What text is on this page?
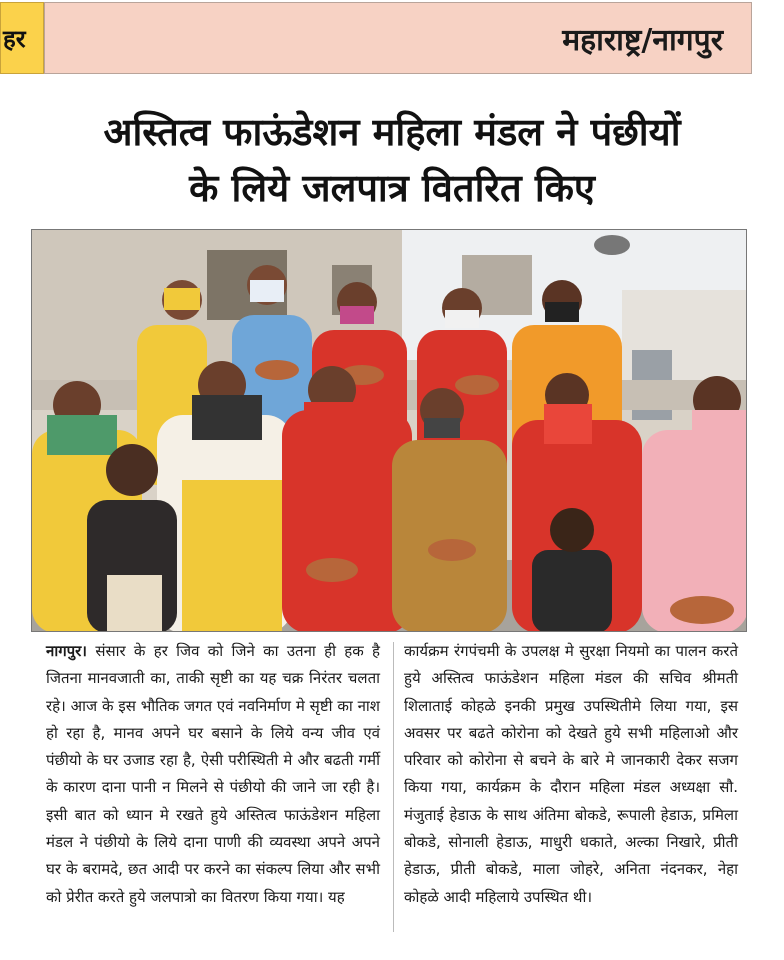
हर	महाराष्ट्र/नागपुर
अस्तित्व फाऊंडेशन महिला मंडल ने पंछीयों
के लिये जलपात्र वितरित किए
नागपुर। संसार के हर जिव को जिने का उतना ही हक है जितना मानवजाती का, ताकी सृष्टी का यह चक्र निरंतर चलता रहे। आज के इस भौतिक जगत एवं नवनिर्माण मे सृष्टी का नाश हो रहा है, मानव अपने घर बसाने के लिये वन्य जीव एवं पंछीयो के घर उजाड रहा है, ऐसी परीस्थिती मे और बढती गर्मी के कारण दाना पानी न मिलने से पंछीयो की जाने जा रही है। इसी बात को ध्यान मे रखते हुये अस्तित्व फाऊंडेशन महिला मंडल ने पंछीयो के लिये दाना पाणी की व्यवस्था अपने अपने घर के बरामदे, छत आदी पर करने का संकल्प लिया और सभी को प्रेरीत करते हुये जलपात्रो का वितरण किया गया। यह
कार्यक्रम रंगपंचमी के उपलक्ष मे सुरक्षा नियमो का पालन करते हुये अस्तित्व फाऊंडेशन महिला मंडल की सचिव श्रीमती शिलाताई कोहळे इनकी प्रमुख उपस्थितीमे लिया गया, इस अवसर पर बढते कोरोना को देखते हुये सभी महिलाओ और परिवार को कोरोना से बचने के बारे मे जानकारी देकर सजग किया गया, कार्यक्रम के दौरान महिला मंडल अध्यक्षा सौ. मंजुताई हेडाऊ के साथ अंतिमा बोकडे, रूपाली हेडाऊ, प्रमिला बोकडे, सोनाली हेडाऊ, माधुरी धकाते, अल्का निखारे, प्रीती हेडाऊ, प्रीती बोकडे, माला जोहरे, अनिता नंदनकर, नेहा कोहळे आदी महिलाये उपस्थित थी।
